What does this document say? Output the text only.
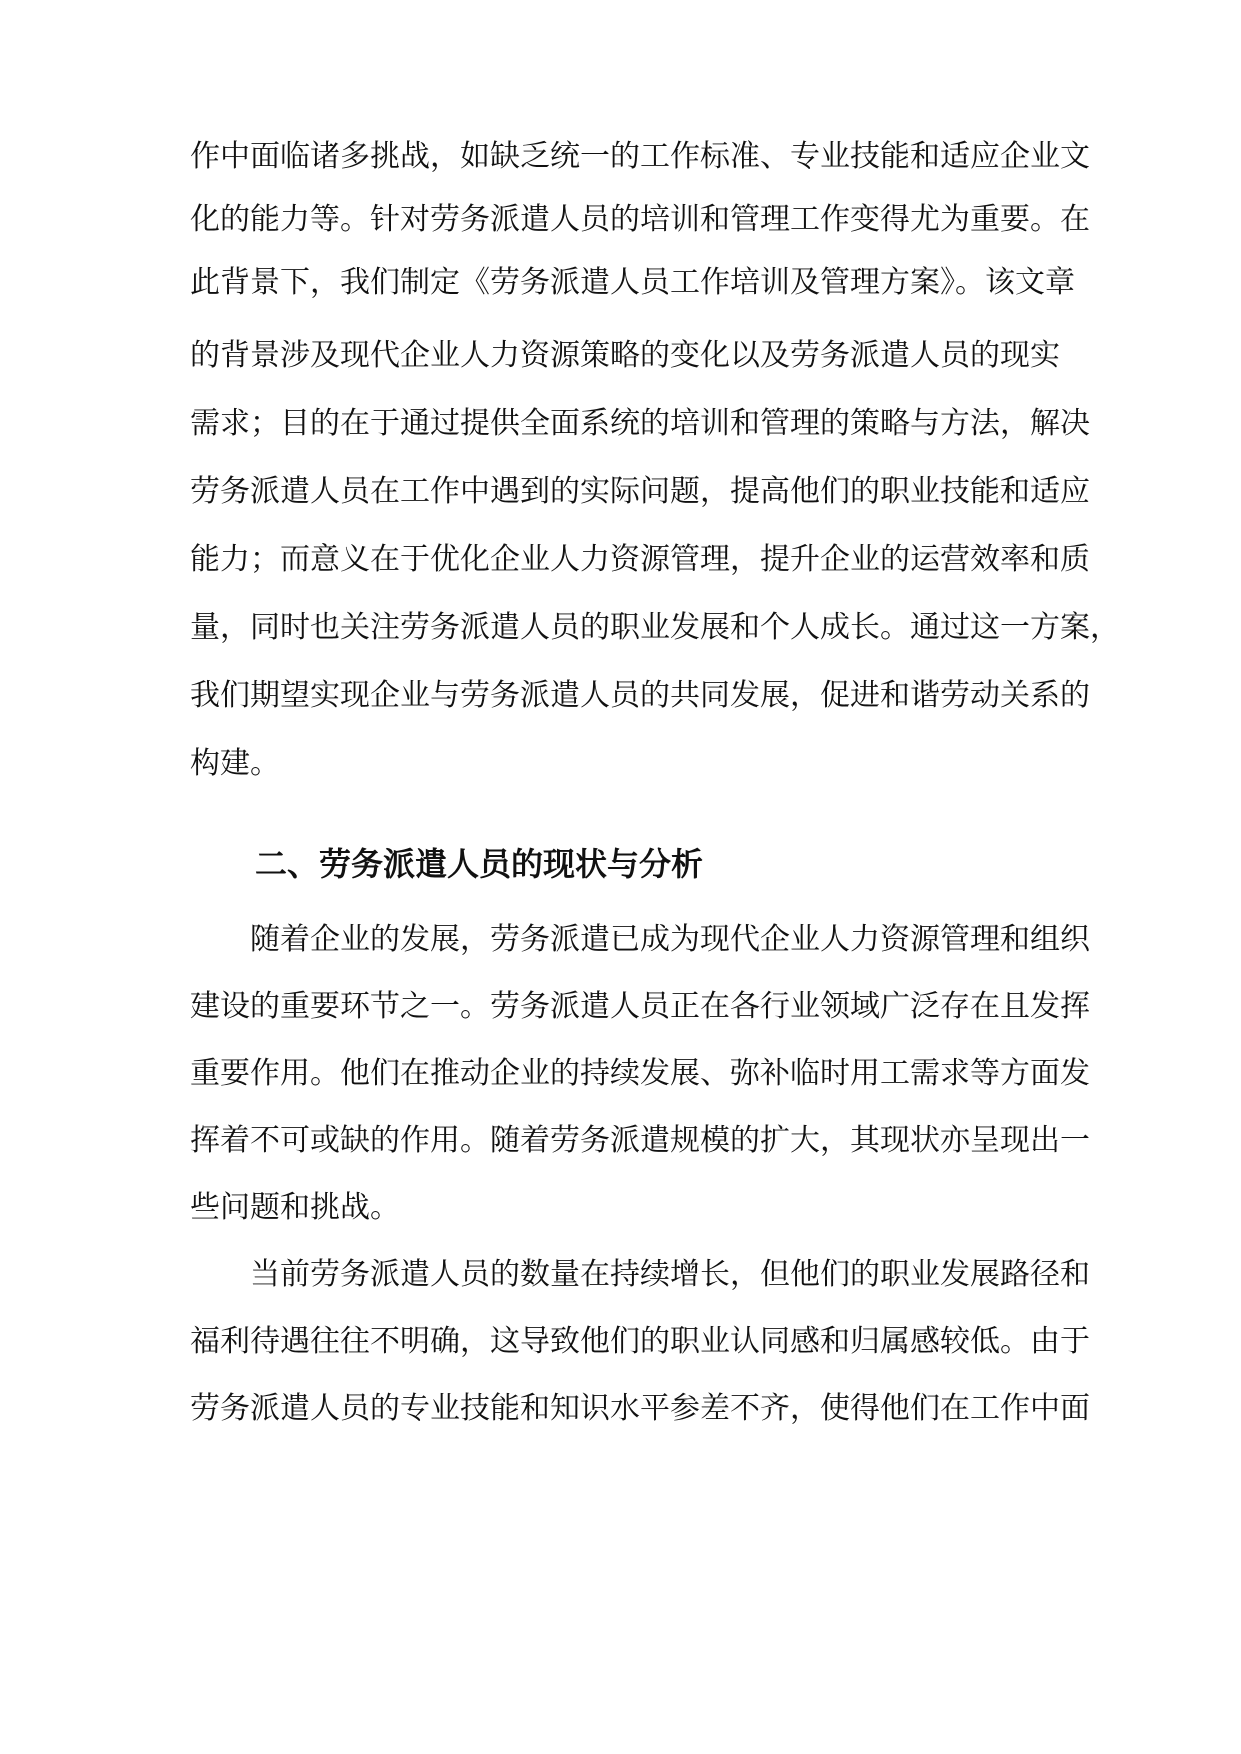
作中面临诸多挑战，如缺乏统一的工作标准、专业技能和适应企业文
化的能力等。针对劳务派遣人员的培训和管理工作变得尤为重要。在
此背景下，我们制定《劳务派遣人员工作培训及管理方案》。该文章
的背景涉及现代企业人力资源策略的变化以及劳务派遣人员的现实
需求；目的在于通过提供全面系统的培训和管理的策略与方法，解决
劳务派遣人员在工作中遇到的实际问题，提高他们的职业技能和适应
能力；而意义在于优化企业人力资源管理，提升企业的运营效率和质
量，同时也关注劳务派遣人员的职业发展和个人成长。通过这一方案，
我们期望实现企业与劳务派遣人员的共同发展，促进和谐劳动关系的
构建。
二、劳务派遣人员的现状与分析
随着企业的发展，劳务派遣已成为现代企业人力资源管理和组织
建设的重要环节之一。劳务派遣人员正在各行业领域广泛存在且发挥
重要作用。他们在推动企业的持续发展、弥补临时用工需求等方面发
挥着不可或缺的作用。随着劳务派遣规模的扩大，其现状亦呈现出一
些问题和挑战。
当前劳务派遣人员的数量在持续增长，但他们的职业发展路径和
福利待遇往往不明确，这导致他们的职业认同感和归属感较低。由于
劳务派遣人员的专业技能和知识水平参差不齐，使得他们在工作中面
